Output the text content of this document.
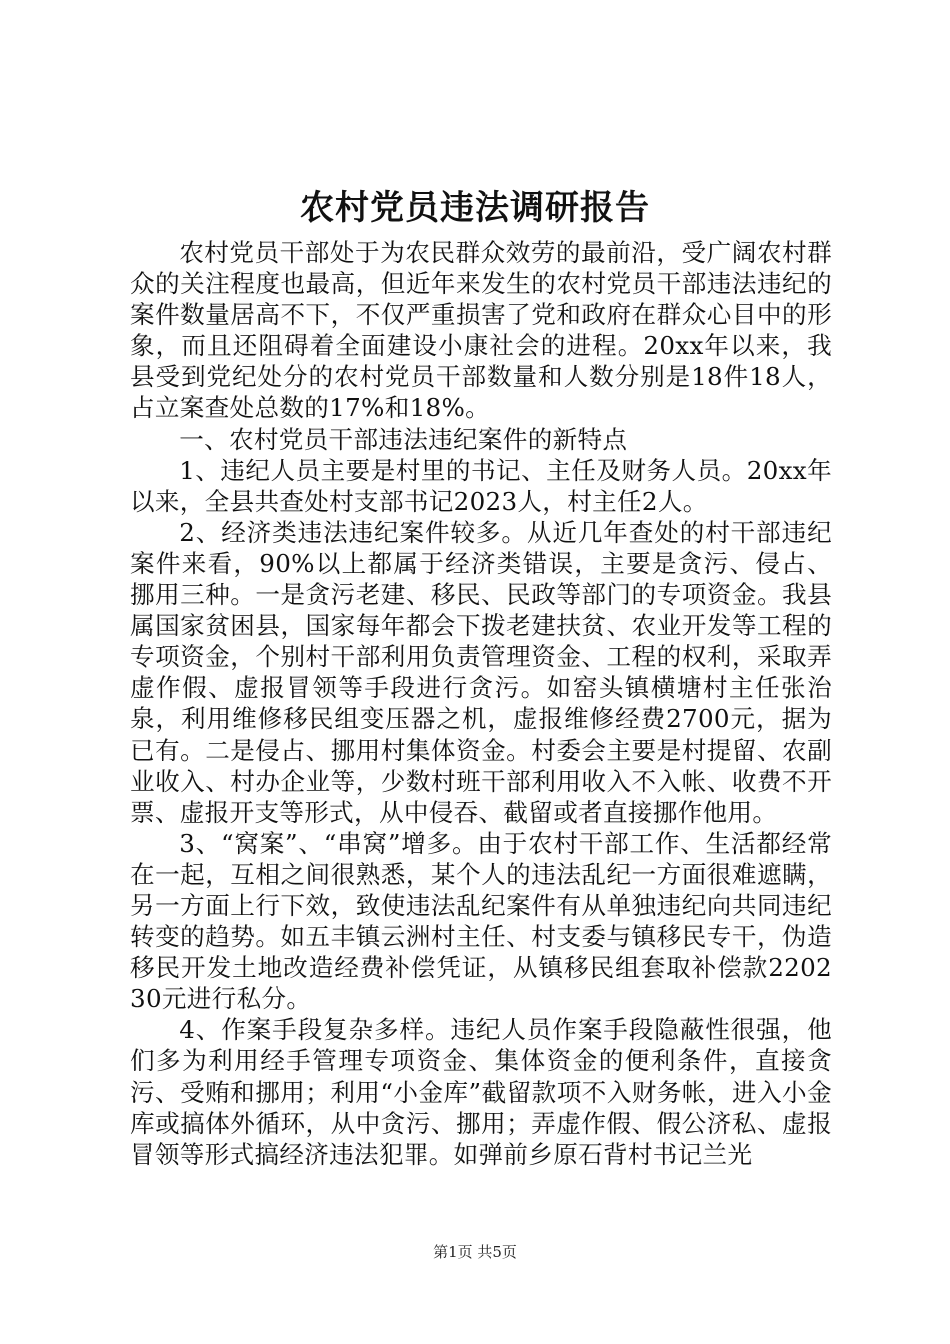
农村党员违法调研报告

农村党员干部处于为农民群众效劳的最前沿，受广阔农村群众的关注程度也最高，但近年来发生的农村党员干部违法违纪的案件数量居高不下，不仅严重损害了党和政府在群众心目中的形象，而且还阻碍着全面建设小康社会的进程。20xx年以来，我县受到党纪处分的农村党员干部数量和人数分别是18件18人，占立案查处总数的17%和18%。

一、农村党员干部违法违纪案件的新特点

1、违纪人员主要是村里的书记、主任及财务人员。20xx年以来，全县共查处村支部书记2023人，村主任2人。

2、经济类违法违纪案件较多。从近几年查处的村干部违纪案件来看，90%以上都属于经济类错误，主要是贪污、侵占、挪用三种。一是贪污老建、移民、民政等部门的专项资金。我县属国家贫困县，国家每年都会下拨老建扶贫、农业开发等工程的专项资金，个别村干部利用负责管理资金、工程的权利，采取弄虚作假、虚报冒领等手段进行贪污。如窑头镇横塘村主任张治泉，利用维修移民组变压器之机，虚报维修经费2700元，据为已有。二是侵占、挪用村集体资金。村委会主要是村提留、农副业收入、村办企业等，少数村班干部利用收入不入帐、收费不开票、虚报开支等形式，从中侵吞、截留或者直接挪作他用。

3、“窝案”、“串窝”增多。由于农村干部工作、生活都经常在一起，互相之间很熟悉，某个人的违法乱纪一方面很难遮瞒，另一方面上行下效，致使违法乱纪案件有从单独违纪向共同违纪转变的趋势。如五丰镇云洲村主任、村支委与镇移民专干，伪造移民开发土地改造经费补偿凭证，从镇移民组套取补偿款220230元进行私分。

4、作案手段复杂多样。违纪人员作案手段隐蔽性很强，他们多为利用经手管理专项资金、集体资金的便利条件，直接贪污、受贿和挪用；利用“小金库”截留款项不入财务帐，进入小金库或搞体外循环，从中贪污、挪用；弄虚作假、假公济私、虚报冒领等形式搞经济违法犯罪。如弹前乡原石背村书记兰光

第1页 共5页
